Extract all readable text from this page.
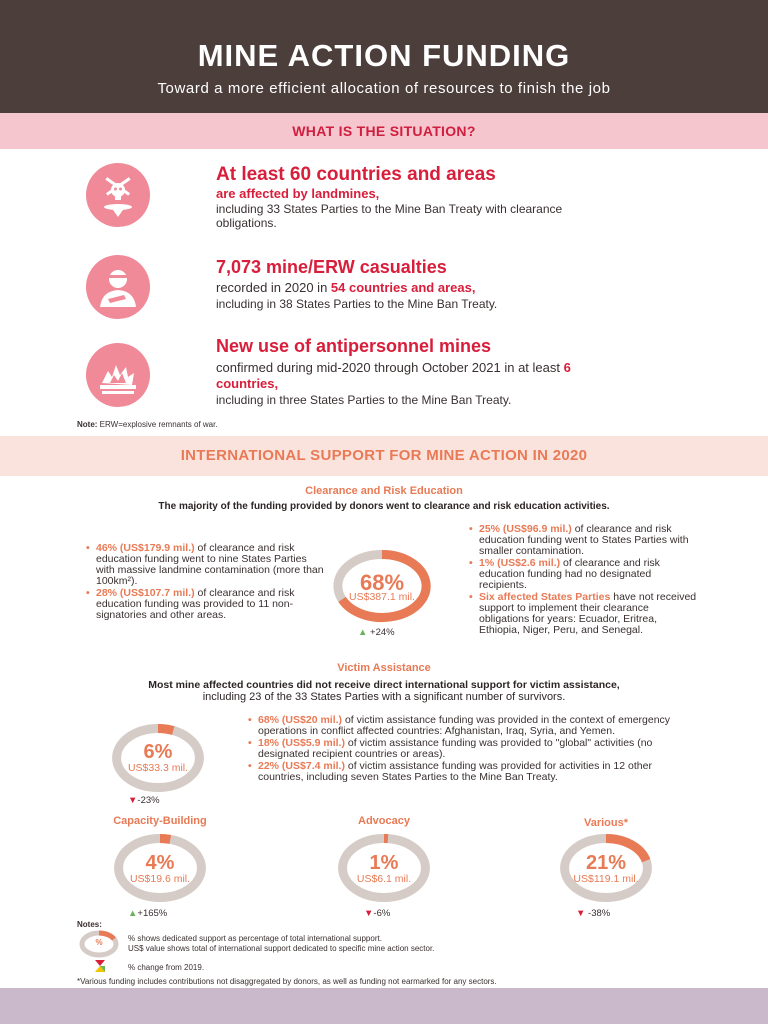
MINE ACTION FUNDING
Toward a more efficient allocation of resources to finish the job
WHAT IS THE SITUATION?
At least 60 countries and areas
are affected by landmines,
including 33 States Parties to the Mine Ban Treaty with clearance obligations.
7,073 mine/ERW casualties
recorded in 2020 in 54 countries and areas,
including in 38 States Parties to the Mine Ban Treaty.
New use of antipersonnel mines
confirmed during mid-2020 through October 2021 in at least 6 countries,
including in three States Parties to the Mine Ban Treaty.
Note: ERW=explosive remnants of war.
INTERNATIONAL SUPPORT FOR MINE ACTION IN 2020
Clearance and Risk Education
The majority of the funding provided by donors went to clearance and risk education activities.
• 46% (US$179.9 mil.) of clearance and risk education funding went to nine States Parties with massive landmine contamination (more than 100km²).
• 28% (US$107.7 mil.) of clearance and risk education funding was provided to 11 non-signatories and other areas.
• 25% (US$96.9 mil.) of clearance and risk education funding went to States Parties with smaller contamination.
• 1% (US$2.6 mil.) of clearance and risk education funding had no designated recipients.
• Six affected States Parties have not received support to implement their clearance obligations for years: Ecuador, Eritrea, Ethiopia, Niger, Peru, and Senegal.
68%
US$387.1 mil.
▲ +24%
Victim Assistance
Most mine affected countries did not receive direct international support for victim assistance,
including 23 of the 33 States Parties with a significant number of survivors.
6%
US$33.3 mil.
▼-23%
• 68% (US$20 mil.) of victim assistance funding was provided in the context of emergency operations in conflict affected countries: Afghanistan, Iraq, Syria, and Yemen.
• 18% (US$5.9 mil.) of victim assistance funding was provided to "global" activities (no designated recipient countries or areas).
• 22% (US$7.4 mil.) of victim assistance funding was provided for activities in 12 other countries, including seven States Parties to the Mine Ban Treaty.
Capacity-Building
4%
US$19.6 mil.
▲+165%
Advocacy
1%
US$6.1 mil.
▼-6%
Various*
21%
US$119.1 mil.
▼ -38%
Notes:
%	% shows dedicated support as percentage of total international support.
US$ value shows total of international support dedicated to specific mine action sector.
% change from 2019.
*Various funding includes contributions not disaggregated by donors, as well as funding not earmarked for any sectors.
